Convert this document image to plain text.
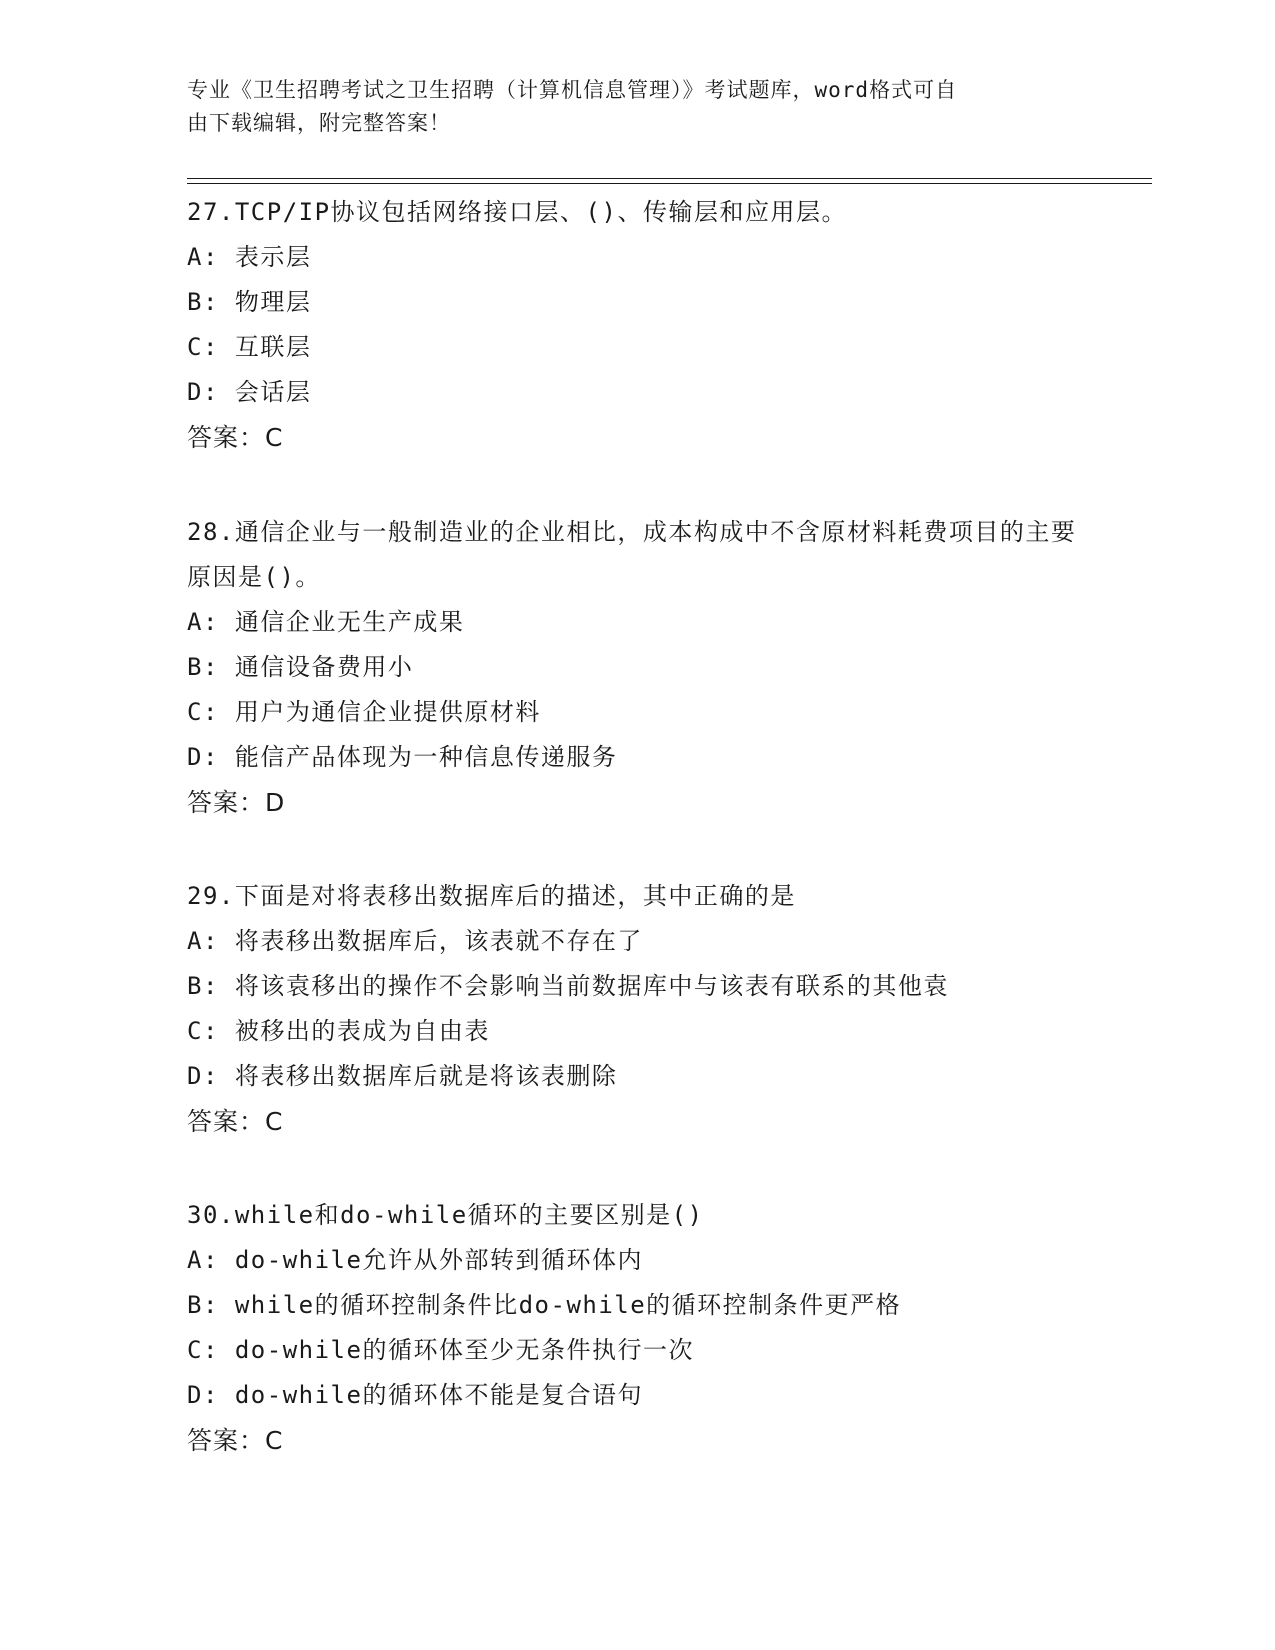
专业《卫生招聘考试之卫生招聘（计算机信息管理）》考试题库，word格式可自
由下载编辑，附完整答案！
27.TCP/IP协议包括网络接口层、()、传输层和应用层。
A: 表示层
B: 物理层
C: 互联层
D: 会话层
答案：C
28.通信企业与一般制造业的企业相比，成本构成中不含原材料耗费项目的主要原因是()。
A: 通信企业无生产成果
B: 通信设备费用小
C: 用户为通信企业提供原材料
D: 能信产品体现为一种信息传递服务
答案：D
29.下面是对将表移出数据库后的描述，其中正确的是
A: 将表移出数据库后，该表就不存在了
B: 将该袁移出的操作不会影响当前数据库中与该表有联系的其他袁
C: 被移出的表成为自由表
D: 将表移出数据库后就是将该表删除
答案：C
30.while和do-while循环的主要区别是()
A: do-while允许从外部转到循环体内
B: while的循环控制条件比do-while的循环控制条件更严格
C: do-while的循环体至少无条件执行一次
D: do-while的循环体不能是复合语句
答案：C
